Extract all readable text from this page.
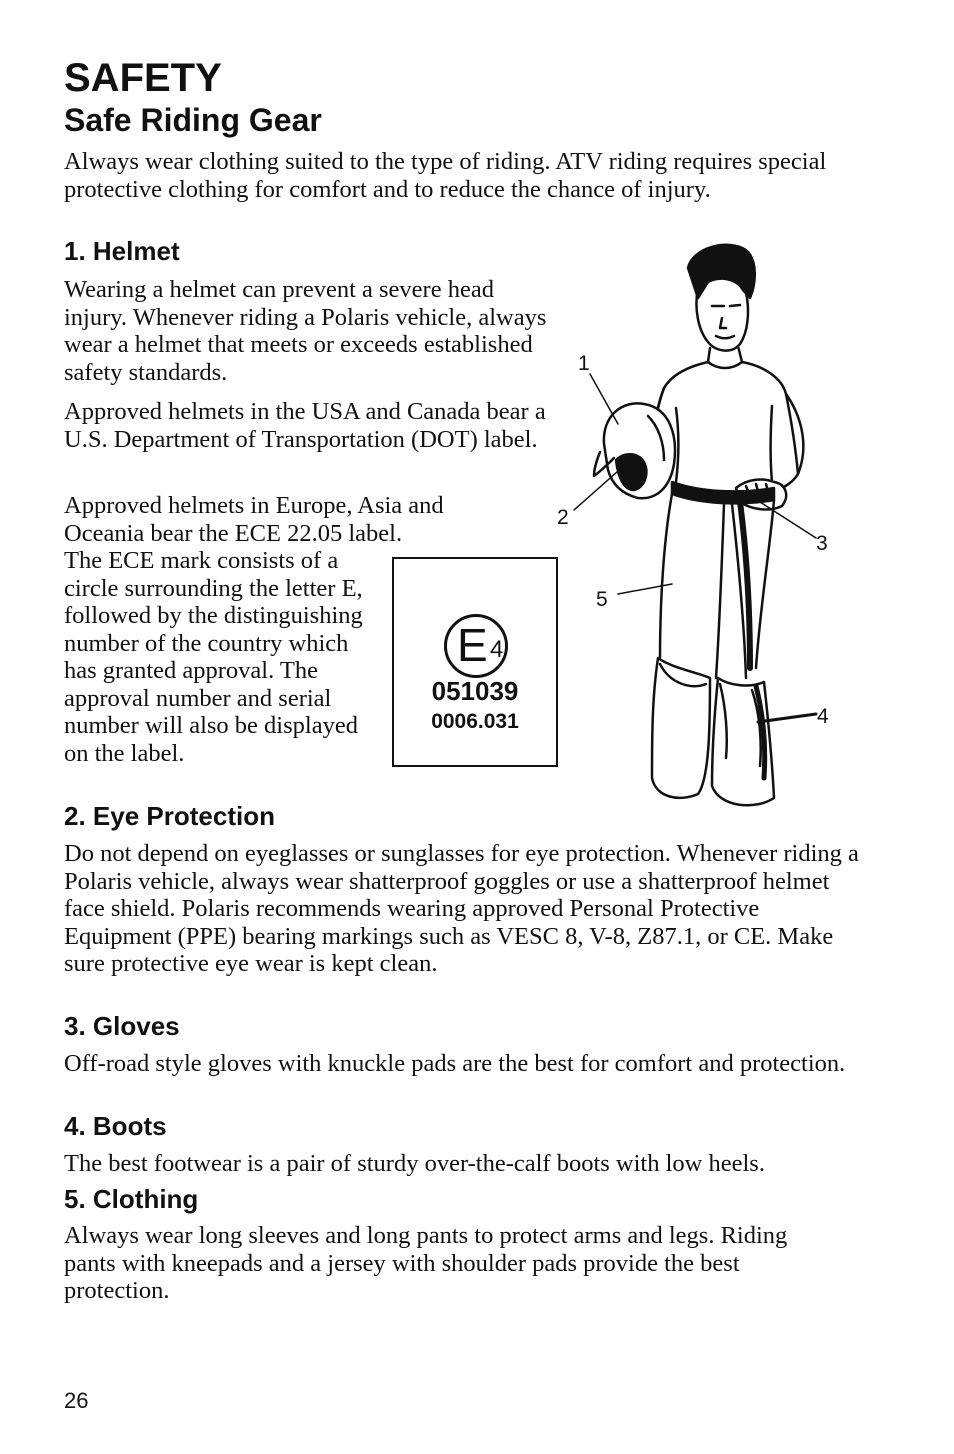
SAFETY
Safe Riding Gear

Always wear clothing suited to the type of riding. ATV riding requires special protective clothing for comfort and to reduce the chance of injury.

1. Helmet

Wearing a helmet can prevent a severe head injury. Whenever riding a Polaris vehicle, always wear a helmet that meets or exceeds established safety standards.

Approved helmets in the USA and Canada bear a U.S. Department of Transportation (DOT) label.

Approved helmets in Europe, Asia and Oceania bear the ECE 22.05 label.

The ECE mark consists of a circle surrounding the letter E, followed by the distinguishing number of the country which has granted approval. The approval number and serial number will also be displayed on the label.

E 4
051039
0006.031
1
2
3
4
5
2. Eye Protection

Do not depend on eyeglasses or sunglasses for eye protection. Whenever riding a Polaris vehicle, always wear shatterproof goggles or use a shatterproof helmet face shield. Polaris recommends wearing approved Personal Protective Equipment (PPE) bearing markings such as VESC 8, V-8, Z87.1, or CE. Make sure protective eye wear is kept clean.

3. Gloves

Off-road style gloves with knuckle pads are the best for comfort and protection.

4. Boots

The best footwear is a pair of sturdy over-the-calf boots with low heels.

5. Clothing

Always wear long sleeves and long pants to protect arms and legs. Riding pants with kneepads and a jersey with shoulder pads provide the best protection.

26
